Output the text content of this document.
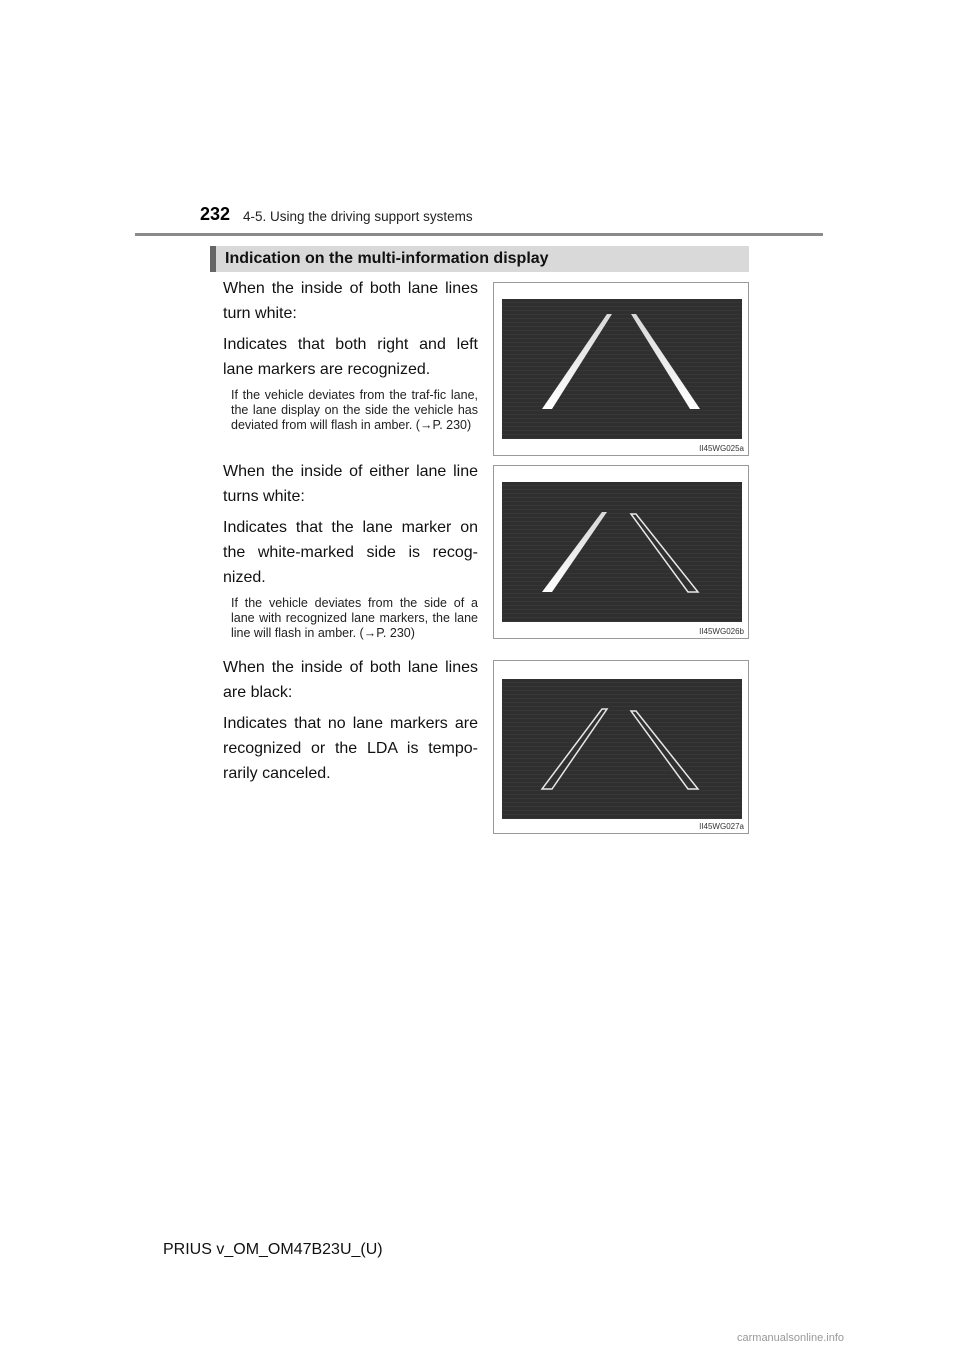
232 4-5. Using the driving support systems
Indication on the multi-information display

When the inside of both lane lines turn white:

Indicates that both right and left lane markers are recognized.

If the vehicle deviates from the traf-fic lane, the lane display on the side the vehicle has deviated from will flash in amber. (→P. 230)

II45WG025a

When the inside of either lane line turns white:

Indicates that the lane marker on the white-marked side is recog-nized.

If the vehicle deviates from the side of a lane with recognized lane markers, the lane line will flash in amber. (→P. 230)	II45WG026b

When the inside of both lane lines are black:

Indicates that no lane markers are recognized or the LDA is tempo-rarily canceled.

II45WG027a
PRIUS v_OM_OM47B23U_(U)
carmanualsonline.info
